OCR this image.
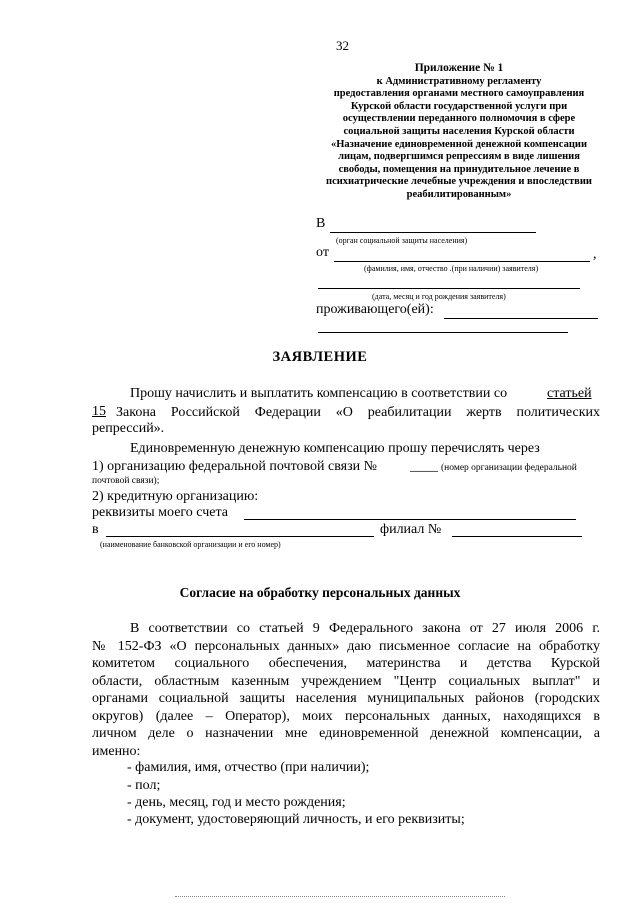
32
Приложение № 1
к Административному регламенту
предоставления органами местного самоуправления
Курской области государственной услуги при
осуществлении переданного полномочия в сфере
социальной защиты населения Курской области
«Назначение единовременной денежной компенсации
лицам, подвергшимся репрессиям в виде лишения
свободы, помещения на принудительное лечение в
психиатрические лечебные учреждения и впоследствии
реабилитированным»
В
(орган социальной защиты населения)
от	,
(фамилия, имя, отчество .(при наличии) заявителя)
(дата, месяц и год рождения заявителя)
проживающего(ей):
ЗАЯВЛЕНИЕ
Прошу начислить и выплатить компенсацию в соответствии со	статьей
15 Закона Российской Федерации «О реабилитации жертв политических
репрессий».
Единовременную денежную компенсацию прошу перечислять через
1) организацию федеральной почтовой связи № ____ (номер организации федеральной
почтовой связи);
2) кредитную организацию:
реквизиты моего счета
в	филиал №
(наименование банковской организации и его номер)
Согласие на обработку персональных данных
В соответствии со статьей 9 Федерального закона от 27 июля 2006 г.
№ 152-ФЗ «О персональных данных» даю письменное согласие на обработку
комитетом социального обеспечения, материнства и детства Курской
области, областным казенным учреждением "Центр социальных выплат" и
органами социальной защиты населения муниципальных районов (городских
округов) (далее – Оператор), моих персональных данных, находящихся в
личном деле о назначении мне единовременной денежной компенсации, а
именно:
- фамилия, имя, отчество (при наличии);
- пол;
- день, месяц, год и место рождения;
- документ, удостоверяющий личность, и его реквизиты;
